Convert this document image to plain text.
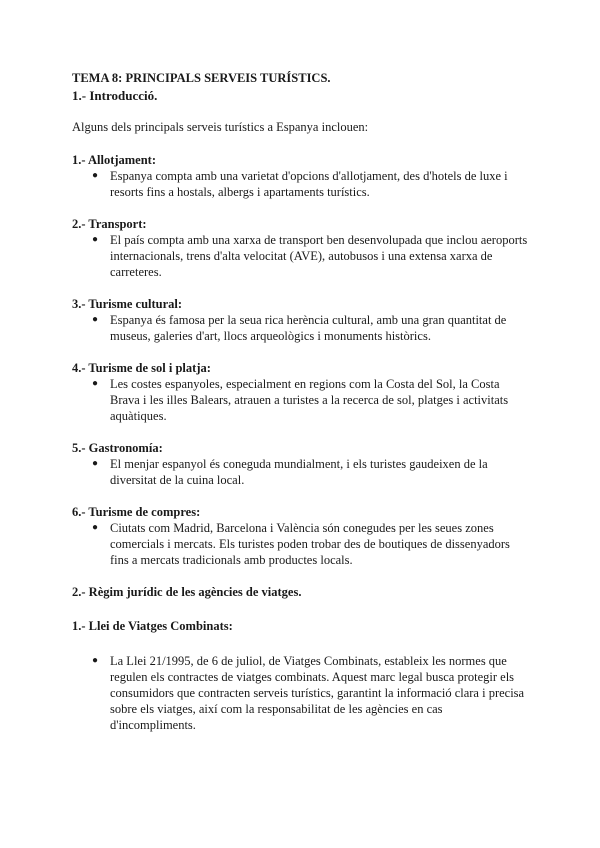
TEMA 8: PRINCIPALS SERVEIS TURÍSTICS.

1.- Introducció.

Alguns dels principals serveis turístics a Espanya inclouen:

1.- Allotjament:

● Espanya compta amb una varietat d'opcions d'allotjament, des d'hotels de luxe i resorts fins a hostals, albergs i apartaments turístics.

2.- Transport:

● El país compta amb una xarxa de transport ben desenvolupada que inclou aeroports internacionals, trens d'alta velocitat (AVE), autobusos i una extensa xarxa de carreteres.

3.- Turisme cultural:

● Espanya és famosa per la seua rica herència cultural, amb una gran quantitat de museus, galeries d'art, llocs arqueològics i monuments històrics.

4.- Turisme de sol i platja:

● Les costes espanyoles, especialment en regions com la Costa del Sol, la Costa Brava i les illes Balears, atrauen a turistes a la recerca de sol, platges i activitats aquàtiques.

5.- Gastronomía:

● El menjar espanyol és coneguda mundialment, i els turistes gaudeixen de la diversitat de la cuina local.

6.- Turisme de compres:

● Ciutats com Madrid, Barcelona i València són conegudes per les seues zones comercials i mercats. Els turistes poden trobar des de boutiques de dissenyadors fins a mercats tradicionals amb productes locals.

2.- Règim jurídic de les agències de viatges.

1.- Llei de Viatges Combinats:

● La Llei 21/1995, de 6 de juliol, de Viatges Combinats, estableix les normes que regulen els contractes de viatges combinats. Aquest marc legal busca protegir els consumidors que contracten serveis turístics, garantint la informació clara i precisa sobre els viatges, així com la responsabilitat de les agències en cas d'incompliments.
